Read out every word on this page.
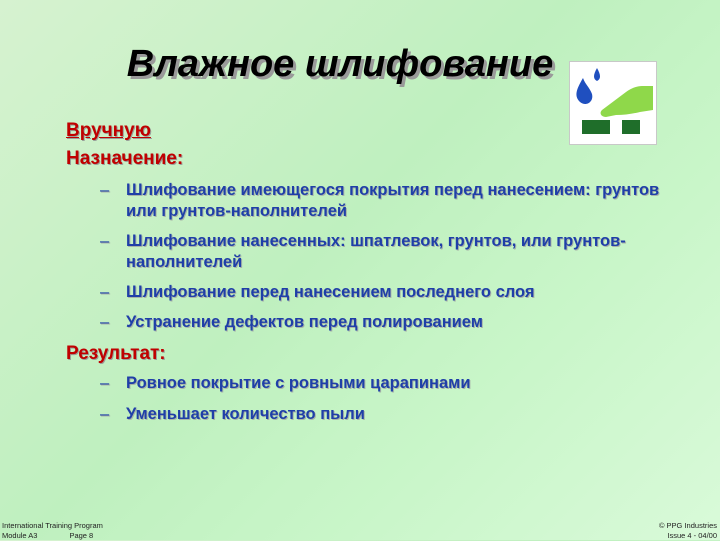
Влажное шлифование

Вручную

Назначение:

– Шлифование имеющегося покрытия перед нанесением: грунтов или грунтов-наполнителей
– Шлифование нанесенных: шпатлевок, грунтов, или грунтов-наполнителей
– Шлифование перед нанесением последнего слоя
– Устранение дефектов перед полированием

Результат:

– Ровное покрытие с ровными царапинами
– Уменьшает количество пыли
International Training Program
Module A3	Page 8
© PPG Industries
Issue 4 - 04/00
